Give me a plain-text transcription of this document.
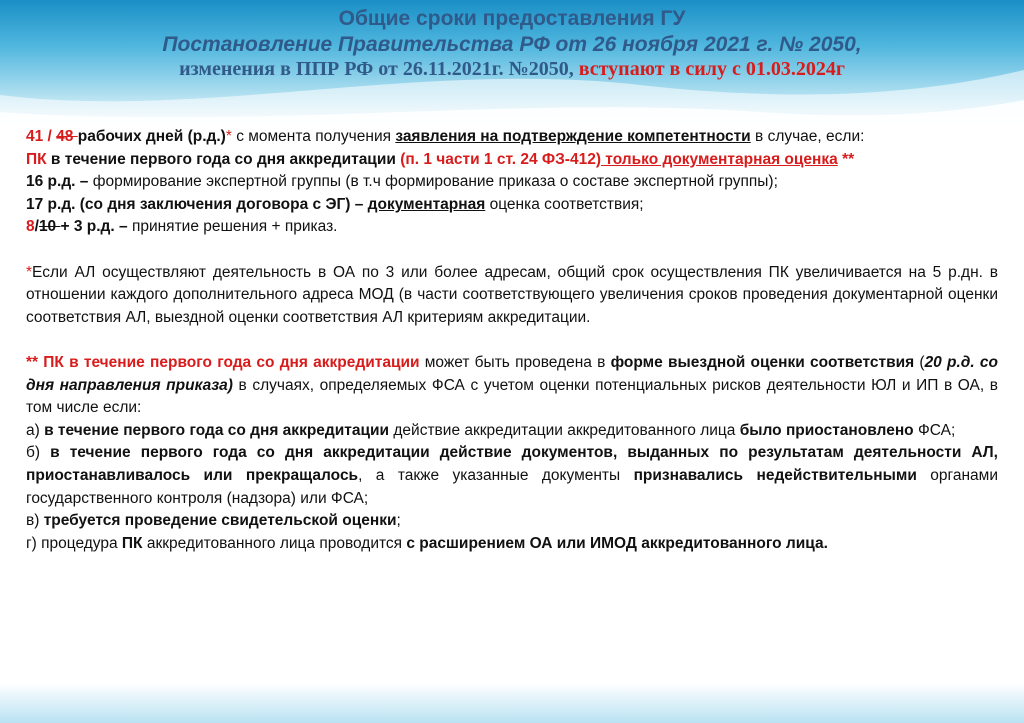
Общие сроки предоставления ГУ
Постановление Правительства РФ от 26 ноября 2021 г. № 2050,
изменения в ППР РФ от 26.11.2021г. №2050, вступают в силу с 01.03.2024г

41 / 48 рабочих дней (р.д.)* с момента получения заявления на подтверждение компетентности в случае, если:

ПК в течение первого года со дня аккредитации (п. 1 части 1 ст. 24 ФЗ-412) только документарная оценка **

16 р.д. – формирование экспертной группы (в т.ч формирование приказа о составе экспертной группы);

17 р.д. (со дня заключения договора с ЭГ) – документарная оценка соответствия;

8/10 + 3 р.д. – принятие решения + приказ.

*Если АЛ осуществляют деятельность в ОА по 3 или более адресам, общий срок осуществления ПК увеличивается на 5 р.дн. в отношении каждого дополнительного адреса МОД (в части соответствующего увеличения сроков проведения документарной оценки соответствия АЛ, выездной оценки соответствия АЛ критериям аккредитации.

** ПК в течение первого года со дня аккредитации может быть проведена в форме выездной оценки соответствия (20 р.д. со дня направления приказа) в случаях, определяемых ФСА с учетом оценки потенциальных рисков деятельности ЮЛ и ИП в ОА, в том числе если:

а) в течение первого года со дня аккредитации действие аккредитации аккредитованного лица было приостановлено ФСА;

б) в течение первого года со дня аккредитации действие документов, выданных по результатам деятельности АЛ, приостанавливалось или прекращалось, а также указанные документы признавались недействительными органами государственного контроля (надзора) или ФСА;

в) требуется проведение свидетельской оценки;

г) процедура ПК аккредитованного лица проводится с расширением ОА или ИМОД аккредитованного лица.
